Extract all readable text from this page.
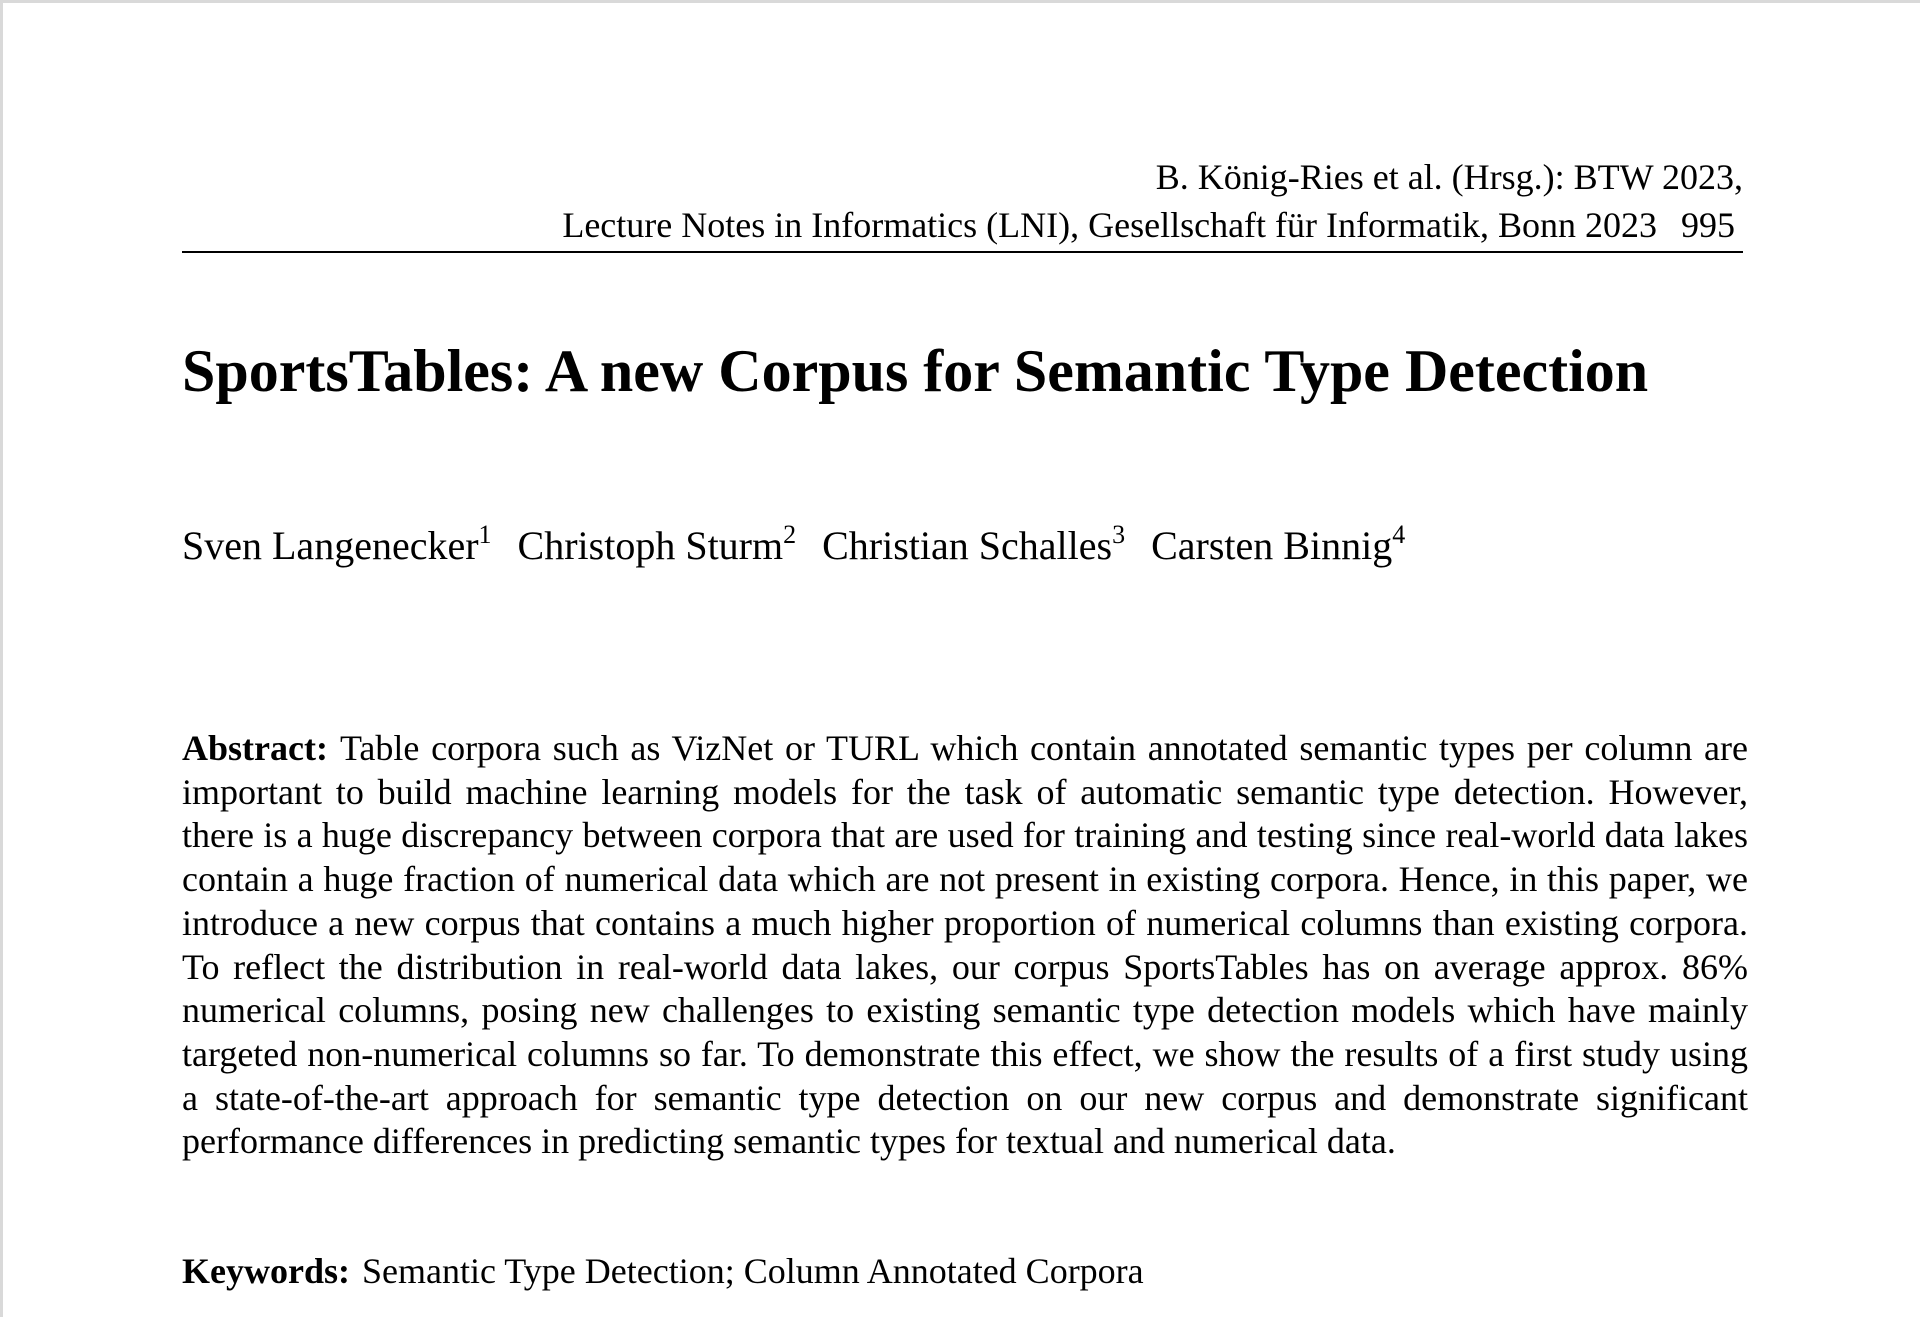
B. König-Ries et al. (Hrsg.): BTW 2023,
Lecture Notes in Informatics (LNI), Gesellschaft für Informatik, Bonn 2023 995
SportsTables: A new Corpus for Semantic Type Detection
Sven Langenecker$^1$ Christoph Sturm$^2$ Christian Schalles$^3$ Carsten Binnig$^4$
Abstract: Table corpora such as VizNet or TURL which contain annotated semantic types per column are important to build machine learning models for the task of automatic semantic type detection. However, there is a huge discrepancy between corpora that are used for training and testing since real-world data lakes contain a huge fraction of numerical data which are not present in existing corpora. Hence, in this paper, we introduce a new corpus that contains a much higher proportion of numerical columns than existing corpora. To reflect the distribution in real-world data lakes, our corpus SportsTables has on average approx. 86% numerical columns, posing new challenges to existing semantic type detection models which have mainly targeted non-numerical columns so far. To demonstrate this effect, we show the results of a first study using a state-of-the-art approach for semantic type detection on our new corpus and demonstrate significant performance differences in predicting semantic types for textual and numerical data.
Keywords: Semantic Type Detection; Column Annotated Corpora
